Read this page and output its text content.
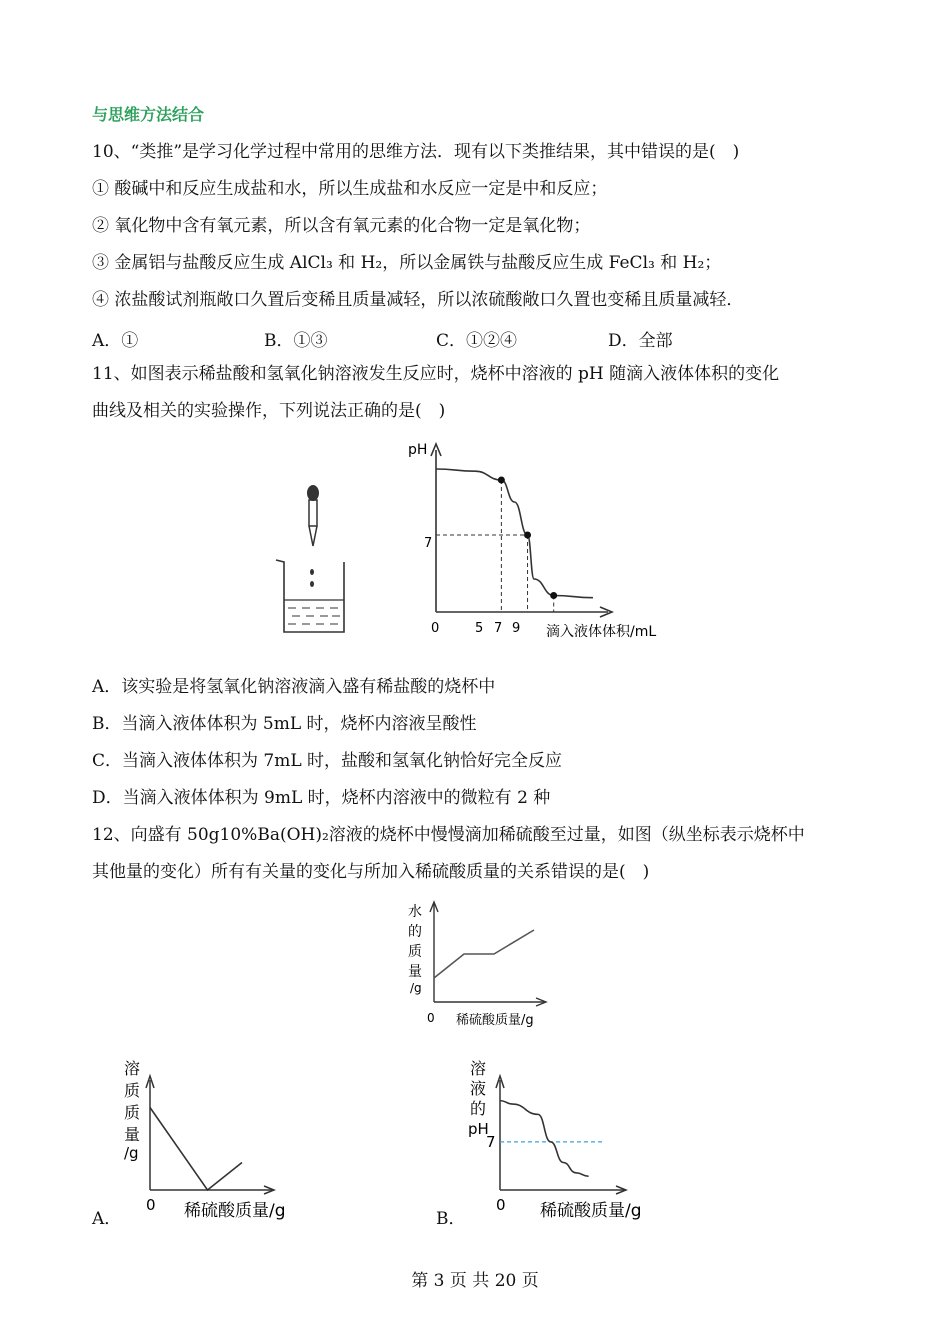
与思维方法结合
10、“类推”是学习化学过程中常用的思维方法．现有以下类推结果，其中错误的是(　)
① 酸碱中和反应生成盐和水，所以生成盐和水反应一定是中和反应；
② 氧化物中含有氧元素，所以含有氧元素的化合物一定是氧化物；
③ 金属铝与盐酸反应生成 AlCl₃ 和 H₂，所以金属铁与盐酸反应生成 FeCl₃ 和 H₂；
④ 浓盐酸试剂瓶敞口久置后变稀且质量减轻，所以浓硫酸敞口久置也变稀且质量减轻．
A．①	B．①③	C．①②④	D．全部
11、如图表示稀盐酸和氢氧化钠溶液发生反应时，烧杯中溶液的 pH 随滴入液体体积的变化
曲线及相关的实验操作，下列说法正确的是(　)
pH
7
0	5 7 9 滴入液体体积/mL
A．该实验是将氢氧化钠溶液滴入盛有稀盐酸的烧杯中
B．当滴入液体体积为 5mL 时，烧杯内溶液呈酸性
C．当滴入液体体积为 7mL 时，盐酸和氢氧化钠恰好完全反应
D．当滴入液体体积为 9mL 时，烧杯内溶液中的微粒有 2 种
12、向盛有 50g10%Ba(OH)₂溶液的烧杯中慢慢滴加稀硫酸至过量，如图（纵坐标表示烧杯中
其他量的变化）所有有关量的变化与所加入稀硫酸质量的关系错误的是(　)
水
的
质
量
/g
0 稀硫酸质量/g
溶
质
质
量
/g
0 稀硫酸质量/g
A．
溶
液
的
pH
7
0 稀硫酸质量/g
B．
第 3 页 共 20 页
